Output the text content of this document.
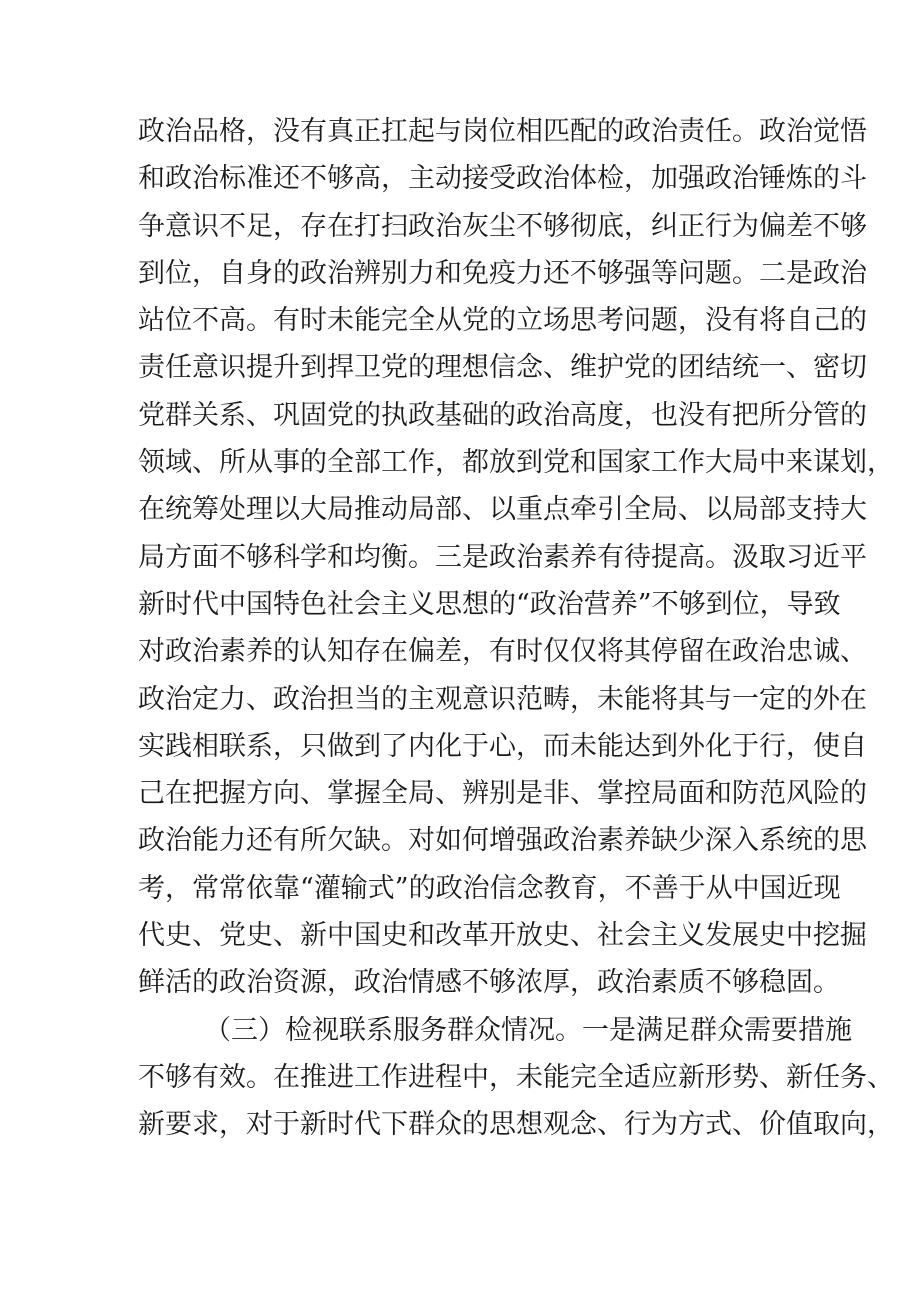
政治品格，没有真正扛起与岗位相匹配的政治责任。政治觉悟
和政治标准还不够高，主动接受政治体检，加强政治锤炼的斗
争意识不足，存在打扫政治灰尘不够彻底，纠正行为偏差不够
到位，自身的政治辨别力和免疫力还不够强等问题。二是政治
站位不高。有时未能完全从党的立场思考问题，没有将自己的
责任意识提升到捍卫党的理想信念、维护党的团结统一、密切
党群关系、巩固党的执政基础的政治高度，也没有把所分管的
领域、所从事的全部工作，都放到党和国家工作大局中来谋划，
在统筹处理以大局推动局部、以重点牵引全局、以局部支持大
局方面不够科学和均衡。三是政治素养有待提高。汲取习近平
新时代中国特色社会主义思想的“政治营养”不够到位，导致
对政治素养的认知存在偏差，有时仅仅将其停留在政治忠诚、
政治定力、政治担当的主观意识范畴，未能将其与一定的外在
实践相联系，只做到了内化于心，而未能达到外化于行，使自
己在把握方向、掌握全局、辨别是非、掌控局面和防范风险的
政治能力还有所欠缺。对如何增强政治素养缺少深入系统的思
考，常常依靠“灌输式”的政治信念教育，不善于从中国近现
代史、党史、新中国史和改革开放史、社会主义发展史中挖掘
鲜活的政治资源，政治情感不够浓厚，政治素质不够稳固。
（三）检视联系服务群众情况。一是满足群众需要措施
不够有效。在推进工作进程中，未能完全适应新形势、新任务、
新要求，对于新时代下群众的思想观念、行为方式、价值取向，
